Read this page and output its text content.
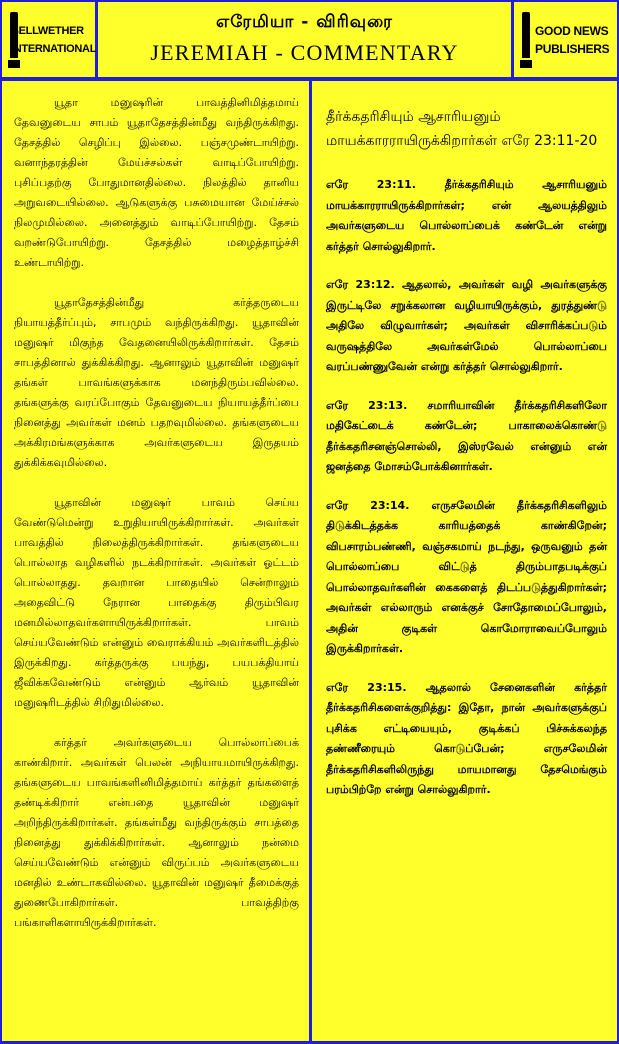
BELLWETHER
INTERNATIONAL
எரேமியா - விரிவுரை
JEREMIAH - COMMENTARY
GOOD NEWS
PUBLISHERS

யூதா மனுஷரின் பாவத்தினிமித்தமாய் தேவனுடைய சாபம் யூதாதேசத்தின்மீது வந்திருக்கிறது. தேசத்தில் செழிப்பு இல்லை. பஞ்சமுண்டாயிற்று. வனாந்தரத்தின் மேய்ச்சல்கள் வாடிப்போயிற்று. புசிப்பதற்கு போதுமானதில்லை. நிலத்தில் தானிய அறுவடையில்லை. ஆடுகளுக்கு பசுமையான மேய்ச்சல் நிலமுமில்லை. அனைத்தும் வாடிப்போயிற்று. தேசம் வறண்டுபோயிற்று. தேசத்தில் மழைத்தாழ்ச்சி உண்டாயிற்று.

யூதாதேசத்தின்மீது கர்த்தருடைய நியாயத்தீர்ப்பும், சாபமும் வந்திருக்கிறது. யூதாவின் மனுஷர் மிகுந்த வேதனையிலிருக்கிறார்கள். தேசம் சாபத்தினால் துக்கிக்கிறது. ஆனாலும் யூதாவின் மனுஷர் தங்கள் பாவங்களுக்காக மனந்திரும்பவில்லை. தங்களுக்கு வரப்போகும் தேவனுடைய நியாயத்தீர்ப்பை நினைத்து அவர்கள் மனம் பதறவுமில்லை. தங்களுடைய அக்கிரமங்களுக்காக அவர்களுடைய இருதயம் துக்கிக்கவுமில்லை.

யூதாவின் மனுஷர் பாவம் செய்ய வேண்டுமென்று உறுதியாயிருக்கிறார்கள். அவர்கள் பாவத்தில் நிலைத்திருக்கிறார்கள். தங்களுடைய பொல்லாத வழிகளில் நடக்கிறார்கள். அவர்கள் ஓட்டம் பொல்லாதது. தவறான பாதையில் சென்றாலும் அதைவிட்டு நேரான பாதைக்கு திரும்பிவர மனமில்லாதவர்களாயிருக்கிறார்கள். பாவம் செய்யவேண்டும் என்னும் வைராக்கியம் அவர்களிடத்தில் இருக்கிறது. கர்த்தருக்கு பயந்து, பயபக்தியாய் ஜீவிக்கவேண்டும் என்னும் ஆர்வம் யூதாவின் மனுஷரிடத்தில் சிறிதுமில்லை.

கர்த்தர் அவர்களுடைய பொல்லாப்பைக் காண்கிறார். அவர்கள் பெலன் அநியாயமாயிருக்கிறது. தங்களுடைய பாவங்களினிமித்தமாய் கர்த்தர் தங்களைத் தண்டிக்கிறார் என்பதை யூதாவின் மனுஷர் அறிந்திருக்கிறார்கள். தங்கள்மீது வந்திருக்கும் சாபத்தை நினைத்து துக்கிக்கிறார்கள். ஆனாலும் நன்மை செய்யவேண்டும் என்னும் விருப்பம் அவர்களுடைய மனதில் உண்டாகவில்லை. யூதாவின் மனுஷர் தீமைக்குத் துணைபோகிறார்கள். பாவத்திற்கு பங்காளிகளாயிருக்கிறார்கள்.

தீர்க்கதரிசியும் ஆசாரியனும் மாயக்காரராயிருக்கிறார்கள் எரே 23:11-20

எரே 23:11. தீர்க்கதரிசியும் ஆசாரியனும் மாயக்காரராயிருக்கிறார்கள்; என் ஆலயத்திலும் அவர்களுடைய பொல்லாப்பைக் கண்டேன் என்று கர்த்தர் சொல்லுகிறார்.

எரே 23:12. ஆதலால், அவர்கள் வழி அவர்களுக்கு இருட்டிலே சறுக்கலான வழியாயிருக்கும், துரத்துண்டு அதிலே விழுவார்கள்; அவர்கள் விசாரிக்கப்படும் வருஷத்திலே அவர்கள்மேல் பொல்லாப்பை வரப்பண்ணுவேன் என்று கர்த்தர் சொல்லுகிறார்.

எரே 23:13. சமாரியாவின் தீர்க்கதரிசிகளிலோ மதிகேட்டைக் கண்டேன்; பாகாலைக்கொண்டு தீர்க்கதரிசனஞ்சொல்லி, இஸ்ரவேல் என்னும் என் ஜனத்தை மோசம்போக்கினார்கள்.

எரே 23:14. எருசலேமின் தீர்க்கதரிசிகளிலும் திடுக்கிடத்தக்க காரியத்தைக் காண்கிறேன்; விபசாரம்பண்ணி, வஞ்சகமாய் நடந்து, ஒருவனும் தன் பொல்லாப்பை விட்டுத் திரும்பாதபடிக்குப் பொல்லாதவர்களின் கைகளைத் திடப்படுத்துகிறார்கள்; அவர்கள் எல்லாரும் எனக்குச் சோதோமைப்போலும், அதின் குடிகள் கொமோராவைப்போலும் இருக்கிறார்கள்.

எரே 23:15. ஆதலால் சேனைகளின் கர்த்தர் தீர்க்கதரிசிகளைக்குறித்து: இதோ, நான் அவர்களுக்குப் புசிக்க எட்டியையும், குடிக்கப் பிச்சுக்கலந்த தண்ணீரையும் கொடுப்பேன்; எருசலேமின் தீர்க்கதரிசிகளிலிருந்து மாயமானது தேசமெங்கும் பரம்பிற்றே என்று சொல்லுகிறார்.
